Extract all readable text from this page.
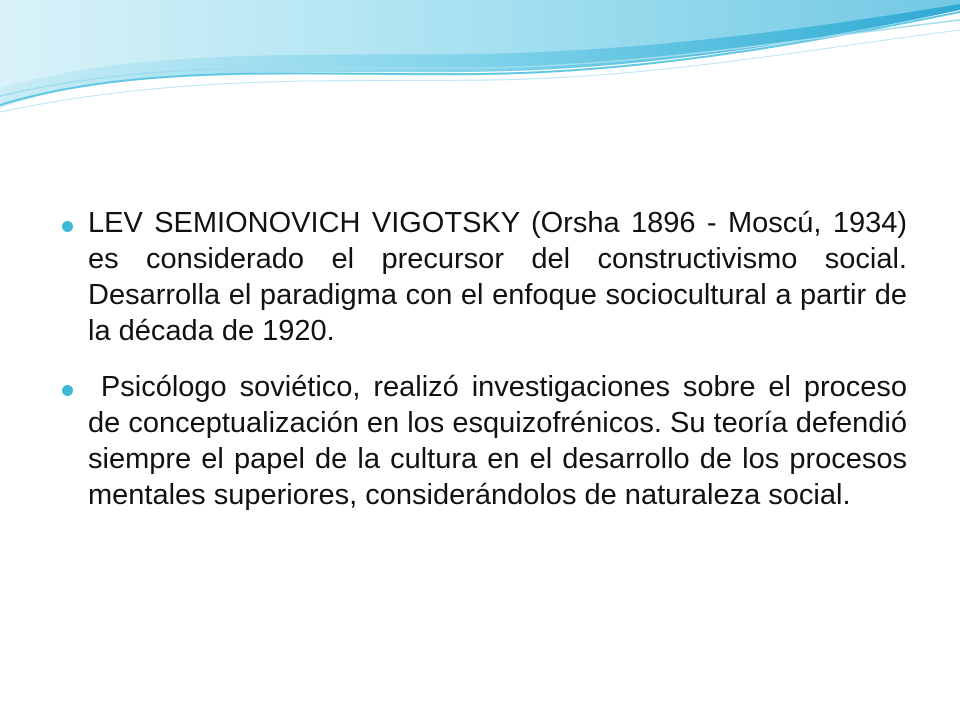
LEV SEMIONOVICH VIGOTSKY (Orsha 1896 - Moscú, 1934) es considerado el precursor del constructivismo social. Desarrolla el paradigma con el enfoque sociocultural a partir de la década de 1920.
Psicólogo soviético, realizó investigaciones sobre el proceso de conceptualización en los esquizofrénicos. Su teoría defendió siempre el papel de la cultura en el desarrollo de los procesos mentales superiores, considerándolos de naturaleza social.
